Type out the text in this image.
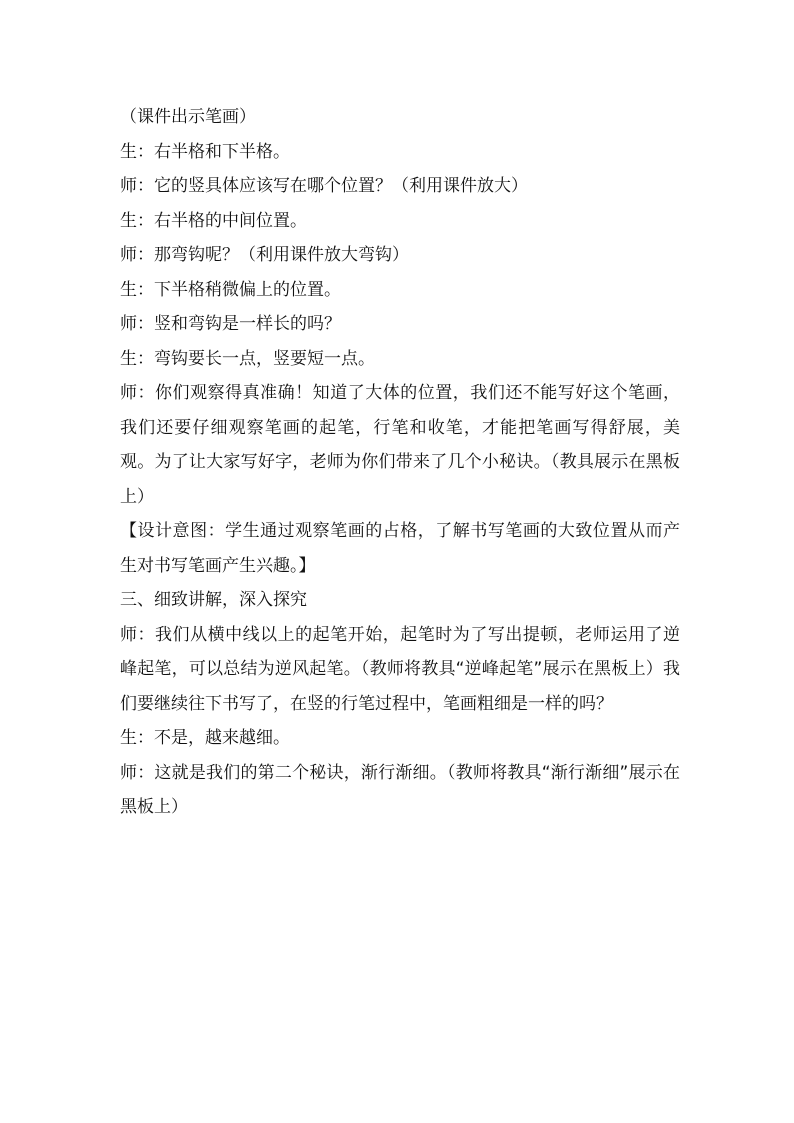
（课件出示笔画）

生：右半格和下半格。

师：它的竖具体应该写在哪个位置？（利用课件放大）

生：右半格的中间位置。

师：那弯钩呢？（利用课件放大弯钩）

生：下半格稍微偏上的位置。

师：竖和弯钩是一样长的吗？

生：弯钩要长一点，竖要短一点。

师：你们观察得真准确！知道了大体的位置，我们还不能写好这个笔画，我们还要仔细观察笔画的起笔，行笔和收笔，才能把笔画写得舒展，美观。为了让大家写好字，老师为你们带来了几个小秘诀。（教具展示在黑板上）

【设计意图：学生通过观察笔画的占格，了解书写笔画的大致位置从而产生对书写笔画产生兴趣。】

三、细致讲解，深入探究

师：我们从横中线以上的起笔开始，起笔时为了写出提顿，老师运用了逆峰起笔，可以总结为逆风起笔。（教师将教具“逆峰起笔”展示在黑板上）我们要继续往下书写了，在竖的行笔过程中，笔画粗细是一样的吗？

生：不是，越来越细。

师：这就是我们的第二个秘诀，渐行渐细。（教师将教具“渐行渐细”展示在黑板上）
